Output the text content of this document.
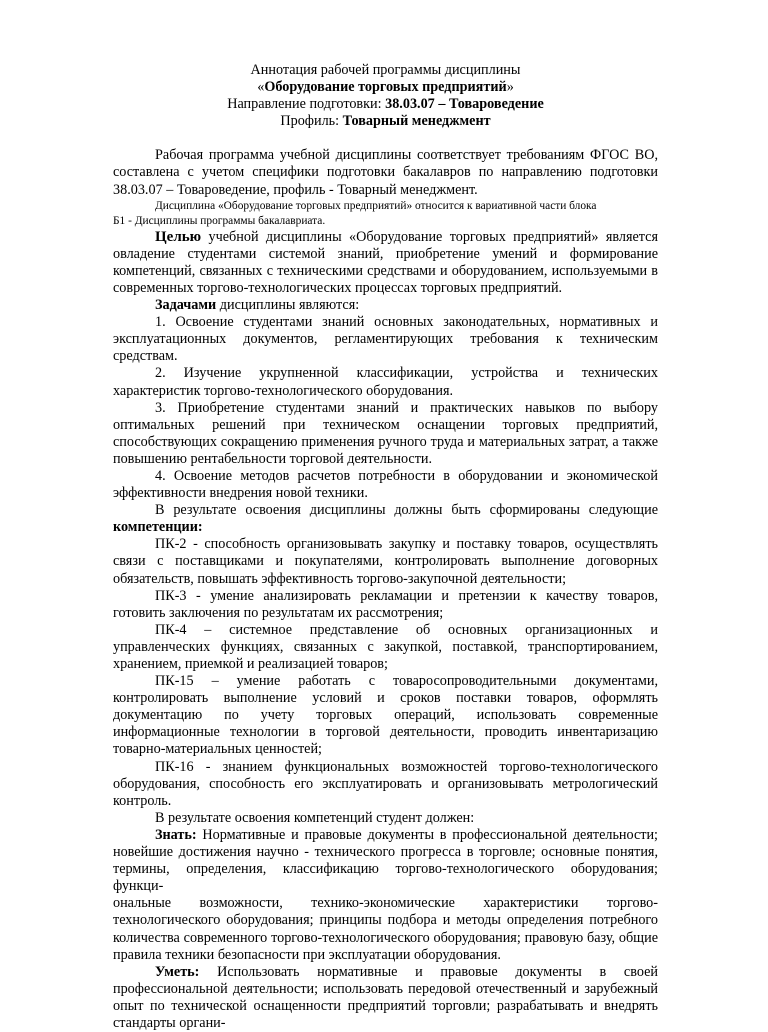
Аннотация рабочей программы дисциплины
«Оборудование торговых предприятий»
Направление подготовки: 38.03.07 – Товароведение
Профиль: Товарный менеджмент

Рабочая программа учебной дисциплины соответствует требованиям ФГОС ВО, составлена с учетом специфики подготовки бакалавров по направлению подготовки 38.03.07 – Товароведение, профиль - Товарный менеджмент.

Дисциплина «Оборудование торговых предприятий» относится к вариативной части блока

Б1 - Дисциплины программы бакалавриата.

Целью учебной дисциплины «Оборудование торговых предприятий» является овладение студентами системой знаний, приобретение умений и формирование компетенций, связанных с техническими средствами и оборудованием, используемыми в современных торгово-технологических процессах торговых предприятий.

Задачами дисциплины являются:

1. Освоение студентами знаний основных законодательных, нормативных и эксплуатационных документов, регламентирующих требования к техническим средствам.

2. Изучение укрупненной классификации, устройства и технических характеристик торгово-технологического оборудования.

3. Приобретение студентами знаний и практических навыков по выбору оптимальных решений при техническом оснащении торговых предприятий, способствующих сокращению применения ручного труда и материальных затрат, а также повышению рентабельности торговой деятельности.

4. Освоение методов расчетов потребности в оборудовании и экономической эффективности внедрения новой техники.

В результате освоения дисциплины должны быть сформированы следующие компетенции:

ПК-2 - способность организовывать закупку и поставку товаров, осуществлять связи с поставщиками и покупателями, контролировать выполнение договорных обязательств, повышать эффективность торгово-закупочной деятельности;

ПК-3 - умение анализировать рекламации и претензии к качеству товаров, готовить заключения по результатам их рассмотрения;

ПК-4 – системное представление об основных организационных и управленческих функциях, связанных с закупкой, поставкой, транспортированием, хранением, приемкой и реализацией товаров;

ПК-15 – умение работать с товаросопроводительными документами, контролировать выполнение условий и сроков поставки товаров, оформлять документацию по учету торговых операций, использовать современные информационные технологии в торговой деятельности, проводить инвентаризацию товарно-материальных ценностей;

ПК-16 - знанием функциональных возможностей торгово-технологического оборудования, способность его эксплуатировать и организовывать метрологический контроль.

В результате освоения компетенций студент должен:

Знать: Нормативные и правовые документы в профессиональной деятельности; новейшие достижения научно - технического прогресса в торговле; основные понятия, термины, определения, классификацию торгово-технологического оборудования; функци-

ональные возможности, технико-экономические характеристики торгово-

технологического оборудования; принципы подбора и методы определения потребного количества современного торгово-технологического оборудования; правовую базу, общие правила техники безопасности при эксплуатации оборудования.

Уметь: Использовать нормативные и правовые документы в своей профессиональной деятельности; использовать передовой отечественный и зарубежный опыт по технической оснащенности предприятий торговли; разрабатывать и внедрять стандарты органи-
